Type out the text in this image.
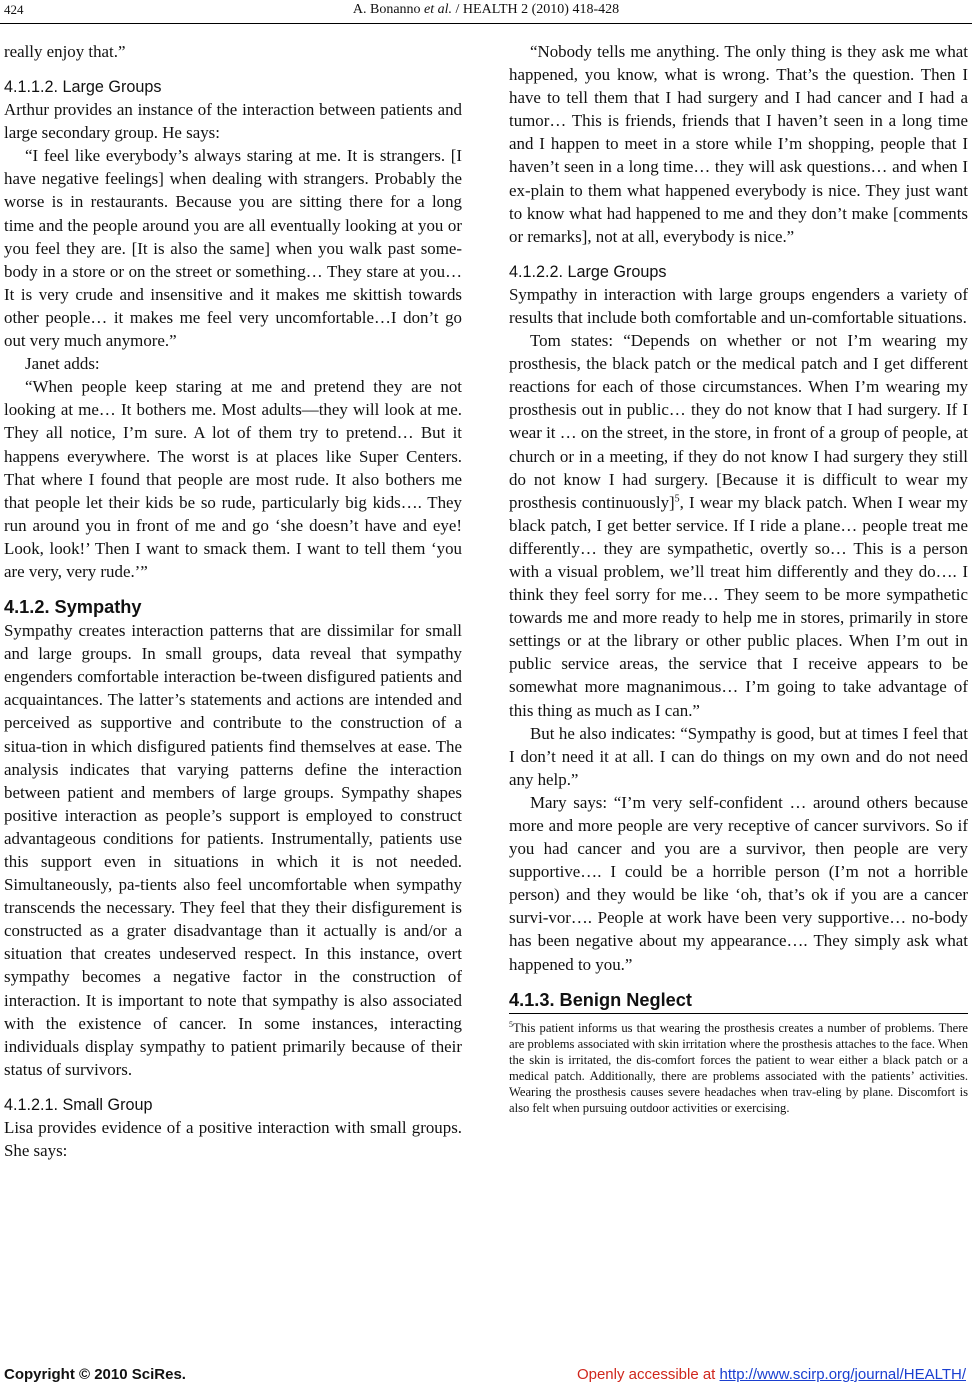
424	A. Bonanno et al. / HEALTH 2 (2010) 418-428

really enjoy that.”

4.1.1.2. Large Groups

Arthur provides an instance of the interaction between patients and large secondary group. He says:

“I feel like everybody’s always staring at me. It is strangers. [I have negative feelings] when dealing with strangers. Probably the worse is in restaurants. Because you are sitting there for a long time and the people around you are all eventually looking at you or you feel they are. [It is also the same] when you walk past some-body in a store or on the street or something… They stare at you… It is very crude and insensitive and it makes me skittish towards other people… it makes me feel very uncomfortable…I don’t go out very much anymore.”

Janet adds:

“When people keep staring at me and pretend they are not looking at me… It bothers me. Most adults—they will look at me. They all notice, I’m sure. A lot of them try to pretend… But it happens everywhere. The worst is at places like Super Centers. That where I found that people are most rude. It also bothers me that people let their kids be so rude, particularly big kids…. They run around you in front of me and go ‘she doesn’t have and eye! Look, look!’ Then I want to smack them. I want to tell them ‘you are very, very rude.’”

4.1.2. Sympathy

Sympathy creates interaction patterns that are dissimilar for small and large groups. In small groups, data reveal that sympathy engenders comfortable interaction be-tween disfigured patients and acquaintances. The latter’s statements and actions are intended and perceived as supportive and contribute to the construction of a situa-tion in which disfigured patients find themselves at ease. The analysis indicates that varying patterns define the interaction between patient and members of large groups. Sympathy shapes positive interaction as people’s support is employed to construct advantageous conditions for patients. Instrumentally, patients use this support even in situations in which it is not needed. Simultaneously, pa-tients also feel uncomfortable when sympathy transcends the necessary. They feel that they their disfigurement is constructed as a grater disadvantage than it actually is and/or a situation that creates undeserved respect. In this instance, overt sympathy becomes a negative factor in the construction of interaction. It is important to note that sympathy is also associated with the existence of cancer. In some instances, interacting individuals display sympathy to patient primarily because of their status of survivors.

4.1.2.1. Small Group

Lisa provides evidence of a positive interaction with small groups. She says:

“Nobody tells me anything. The only thing is they ask me what happened, you know, what is wrong. That’s the question. Then I have to tell them that I had surgery and I had cancer and I had a tumor… This is friends, friends that I haven’t seen in a long time and I happen to meet in a store while I’m shopping, people that I haven’t seen in a long time… they will ask questions… and when I ex-plain to them what happened everybody is nice. They just want to know what had happened to me and they don’t make [comments or remarks], not at all, everybody is nice.”

4.1.2.2. Large Groups

Sympathy in interaction with large groups engenders a variety of results that include both comfortable and un-comfortable situations.

Tom states: “Depends on whether or not I’m wearing my prosthesis, the black patch or the medical patch and I get different reactions for each of those circumstances. When I’m wearing my prosthesis out in public… they do not know that I had surgery. If I wear it … on the street, in the store, in front of a group of people, at church or in a meeting, if they do not know I had surgery they still do not know I had surgery. [Because it is difficult to wear my prosthesis continuously]$^5$, I wear my black patch. When I wear my black patch, I get better service. If I ride a plane… people treat me differently… they are sympathetic, overtly so… This is a person with a visual problem, we’ll treat him differently and they do…. I think they feel sorry for me… They seem to be more sympathetic towards me and more ready to help me in stores, primarily in store settings or at the library or other public places. When I’m out in public service areas, the service that I receive appears to be somewhat more magnanimous… I’m going to take advantage of this thing as much as I can.”

But he also indicates: “Sympathy is good, but at times I feel that I don’t need it at all. I can do things on my own and do not need any help.”

Mary says: “I’m very self-confident … around others because more and more people are very receptive of cancer survivors. So if you had cancer and you are a survivor, then people are very supportive…. I could be a horrible person (I’m not a horrible person) and they would be like ‘oh, that’s ok if you are a cancer survi-vor…. People at work have been very supportive… no-body has been negative about my appearance…. They simply ask what happened to you.”

4.1.3. Benign Neglect

$^5$This patient informs us that wearing the prosthesis creates a number of problems. There are problems associated with skin irritation where the prosthesis attaches to the face. When the skin is irritated, the dis-comfort forces the patient to wear either a black patch or a medical patch. Additionally, there are problems associated with the patients’ activities. Wearing the prosthesis causes severe headaches when trav-eling by plane. Discomfort is also felt when pursuing outdoor activities or exercising.

Copyright © 2010 SciRes.	Openly accessible at http://www.scirp.org/journal/HEALTH/
